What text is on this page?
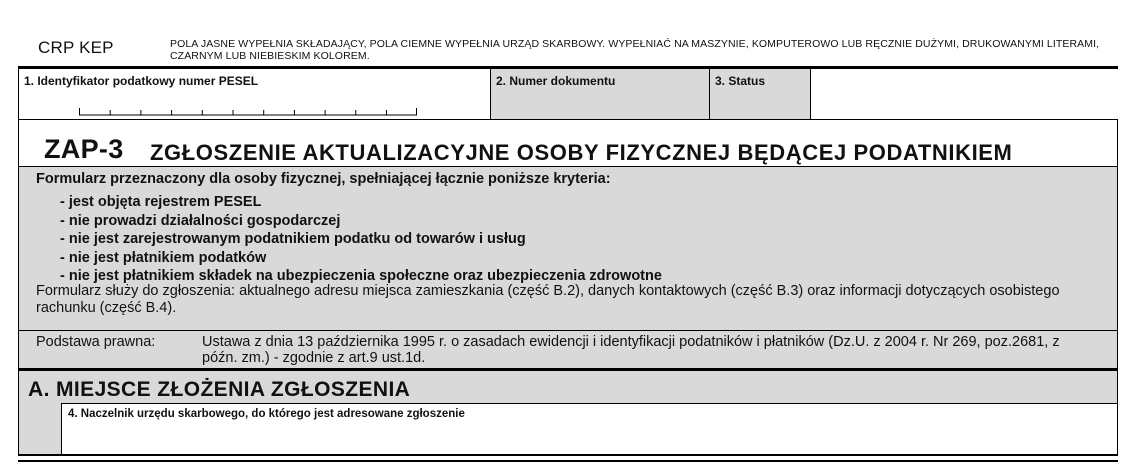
CRP KEP	POLA JASNE WYPEŁNIA SKŁADAJĄCY, POLA CIEMNE WYPEŁNIA URZĄD SKARBOWY. WYPEŁNIAĆ NA MASZYNIE, KOMPUTEROWO LUB RĘCZNIE DUŻYMI, DRUKOWANYMI LITERAMI, CZARNYM LUB NIEBIESKIM KOLOREM.
1. Identyfikator podatkowy numer PESEL	2. Numer dokumentu	3. Status
ZAP-3 ZGŁOSZENIE AKTUALIZACYJNE OSOBY FIZYCZNEJ BĘDĄCEJ PODATNIKIEM
Formularz przeznaczony dla osoby fizycznej, spełniającej łącznie poniższe kryteria:
- jest objęta rejestrem PESEL
- nie prowadzi działalności gospodarczej
- nie jest zarejestrowanym podatnikiem podatku od towarów i usług
- nie jest płatnikiem podatków
- nie jest płatnikiem składek na ubezpieczenia społeczne oraz ubezpieczenia zdrowotne
Formularz służy do zgłoszenia: aktualnego adresu miejsca zamieszkania (część B.2), danych kontaktowych (część B.3) oraz informacji dotyczących osobistego rachunku (część B.4).
Podstawa prawna:	Ustawa z dnia 13 października 1995 r. o zasadach ewidencji i identyfikacji podatników i płatników (Dz.U. z 2004 r. Nr 269, poz.2681, z późn. zm.) - zgodnie z art.9 ust.1d.
A. MIEJSCE ZŁOŻENIA ZGŁOSZENIA
4. Naczelnik urzędu skarbowego, do którego jest adresowane zgłoszenie
